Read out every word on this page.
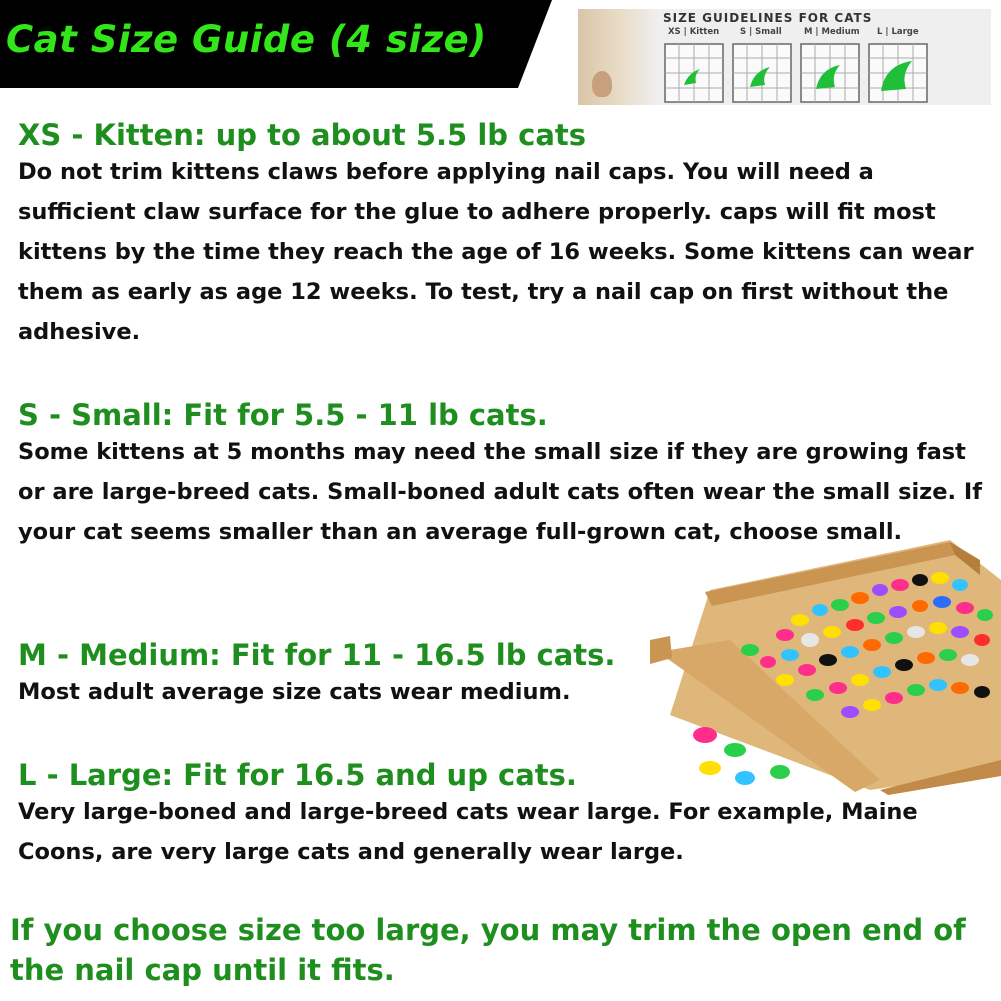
Cat Size Guide (4 size)	SIZE GUIDELINES FOR CATS
XS | Kitten S | Small	M | Medium L | Large
XS - Kitten: up to about 5.5 lb cats
Do not trim kittens claws before applying nail caps. You will need a sufficient claw surface for the glue to adhere properly. caps will fit most kittens by the time they reach the age of 16 weeks. Some kittens can wear them as early as age 12 weeks. To test, try a nail cap on first without the adhesive.
S - Small: Fit for 5.5 - 11 lb cats.
Some kittens at 5 months may need the small size if they are growing fast or are large-breed cats. Small-boned adult cats often wear the small size. If your cat seems smaller than an average full-grown cat, choose small.
M - Medium: Fit for 11 - 16.5 lb cats.
Most adult average size cats wear medium.
L - Large: Fit for 16.5 and up cats.
Very large-boned and large-breed cats wear large. For example, Maine Coons, are very large cats and generally wear large.
If you choose size too large, you may trim the open end of the nail cap until it fits.
